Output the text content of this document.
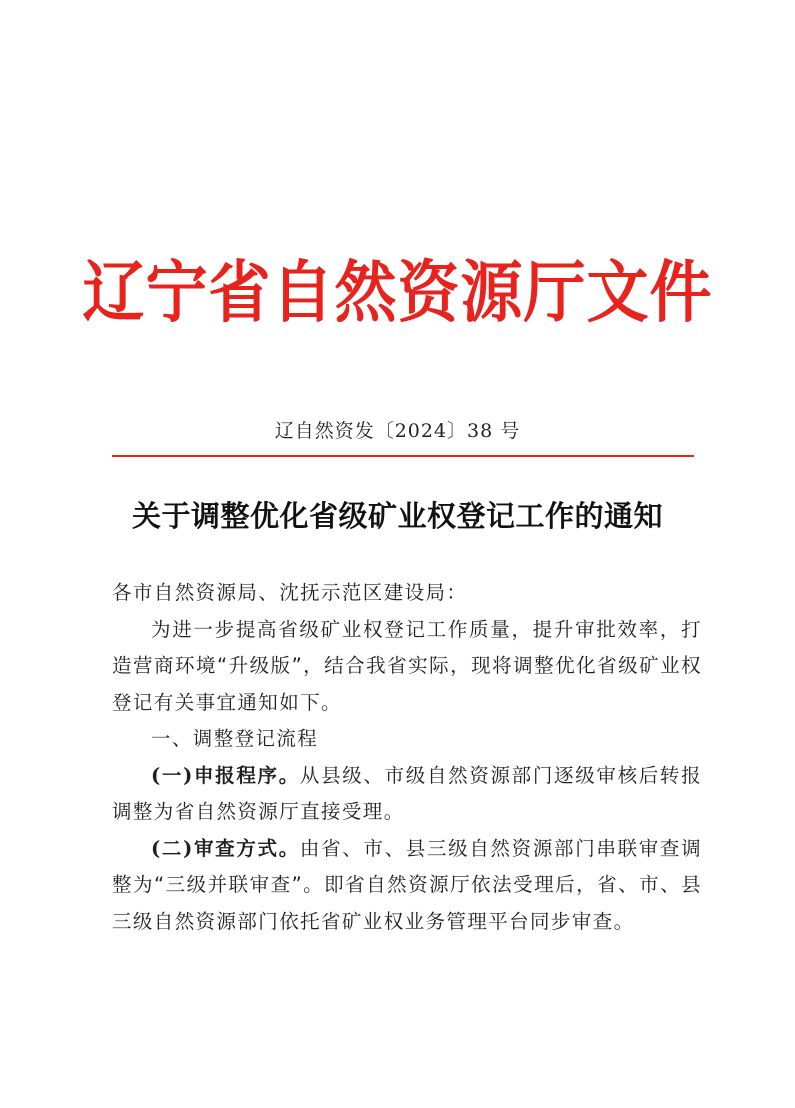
辽宁省自然资源厅文件
辽自然资发〔2024〕38 号
关于调整优化省级矿业权登记工作的通知

各市自然资源局、沈抚示范区建设局：

为进一步提高省级矿业权登记工作质量，提升审批效率，打造营商环境“升级版”，结合我省实际，现将调整优化省级矿业权登记有关事宜通知如下。

一、调整登记流程

(一)申报程序。从县级、市级自然资源部门逐级审核后转报调整为省自然资源厅直接受理。

(二)审查方式。由省、市、县三级自然资源部门串联审查调整为“三级并联审查”。即省自然资源厅依法受理后，省、市、县三级自然资源部门依托省矿业权业务管理平台同步审查。
